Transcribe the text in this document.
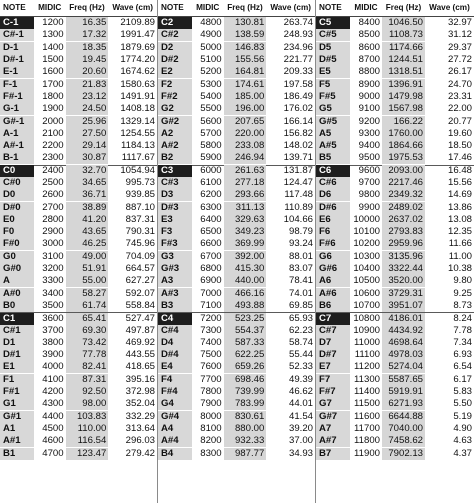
NOTE	MIDIC Freq (Hz) Wave (cm)
C-1	1200	16.35	2109.89
C#-1	1300	17.32	1991.47
D-1	1400	18.35	1879.69
D#-1	1500	19.45	1774.20
E-1	1600	20.60	1674.62
F-1	1700	21.83	1580.63
F#-1	1800	23.12	1491.91
G-1	1900	24.50	1408.18
G#-1	2000	25.96	1329.14
A-1	2100	27.50	1254.55
A#-1	2200	29.14	1184.13
B-1	2300	30.87	1117.67
C0	2400	32.70	1054.94
C#0	2500	34.65	995.73
D0	2600	36.71	939.85
D#0	2700	38.89	887.10
E0	2800	41.20	837.31
F0	2900	43.65	790.31
F#0	3000	46.25	745.96
G0	3100	49.00	704.09
G#0	3200	51.91	664.57
A	3300	55.00	627.27
A#0	3400	58.27	592.07
B0	3500	61.74	558.84
C1	3600	65.41	527.47
C#1	3700	69.30	497.87
D1	3800	73.42	469.92
D#1	3900	77.78	443.55
E1	4000	82.41	418.65
F1	4100	87.31	395.16
F#1	4200	92.50	372.98
G1	4300	98.00	352.04
G#1	4400	103.83	332.29
A1	4500	110.00	313.64
A#1	4600	116.54	296.03
B1	4700	123.47	279.42
NOTE	MIDIC Freq (Hz) Wave (cm)
C2	4800	130.81	263.74
C#2	4900	138.59	248.93
D2	5000	146.83	234.96
D#2	5100	155.56	221.77
E2	5200	164.81	209.33
F2	5300	174.61	197.58
F#2	5400	185.00	186.49
G2	5500	196.00	176.02
G#2	5600	207.65	166.14
A2	5700	220.00	156.82
A#2	5800	233.08	148.02
B2	5900	246.94	139.71
C3	6000	261.63	131.87
C#3	6100	277.18	124.47
D3	6200	293.66	117.48
D#3	6300	311.13	110.89
E3	6400	329.63	104.66
F3	6500	349.23	98.79
F#3	6600	369.99	93.24
G3	6700	392.00	88.01
G#3	6800	415.30	83.07
A3	6900	440.00	78.41
A#3	7000	466.16	74.01
B3	7100	493.88	69.85
C4	7200	523.25	65.93
C#4	7300	554.37	62.23
D4	7400	587.33	58.74
D#4	7500	622.25	55.44
E4	7600	659.26	52.33
F4	7700	698.46	49.39
F#4	7800	739.99	46.62
G4	7900	783.99	44.01
G#4	8000	830.61	41.54
A4	8100	880.00	39.20
A#4	8200	932.33	37.00
B4	8300	987.77	34.93
NOTE	MIDIC Freq (Hz) Wave (cm)
C5	8400 1046.50	32.97
C#5	8500 1108.73	31.12
D5	8600 1174.66	29.37
D#5	8700 1244.51	27.72
E5	8800 1318.51	26.17
F5	8900 1396.91	24.70
F#5	9000 1479.98	23.31
G5	9100 1567.98	22.00
G#5	9200	166.22	20.77
A5	9300 1760.00	19.60
A#5	9400 1864.66	18.50
B5	9500 1975.53	17.46
C6	9600 2093.00	16.48
C#6	9700 2217.46	15.56
D6	9800 2349.32	14.69
D#6	9900 2489.02	13.86
E6	10000 2637.02	13.08
F6	10100 2793.83	12.35
F#6	10200 2959.96	11.66
G6	10300 3135.96	11.00
G#6	10400 3322.44	10.38
A6	10500 3520.00	9.80
A#6	10600 3729.31	9.25
B6	10700 3951.07	8.73
C7	10800 4186.01	8.24
C#7	10900 4434.92	7.78
D7	11000 4698.64	7.34
D#7	11100 4978.03	6.93
E7	11200 5274.04	6.54
F7	11300 5587.65	6.17
F#7	11400 5919.91	5.83
G7	11500 6271.93	5.50
G#7	11600 6644.88	5.19
A7	11700 7040.00	4.90
A#7	11800 7458.62	4.63
B7	11900 7902.13	4.37
